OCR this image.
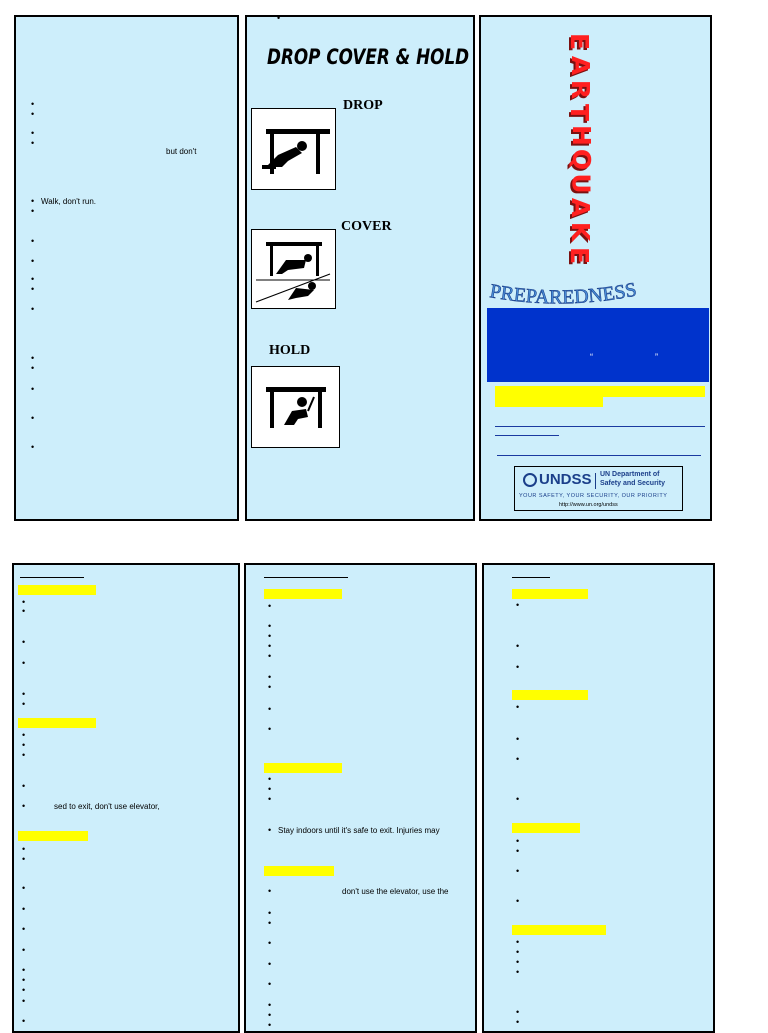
•
•
•
•
but don't
• Walk, don't run.
•
•
•
•
•
•
•
•
•
•
•
•
DROP COVER & HOLD
DROP
COVER
HOLD
E
A
R
T
H
Q
U
A
K
E
PREPAREDNESS
“	”
UNDSS UN Department of
Safety and Security
YOUR SAFETY, YOUR SECURITY, OUR PRIORITY
http://www.un.org/undss
•
•
•
•
•
•
•
•
•
•
•	sed to exit, don't use elevator,
•
•
•
•
•
•
•
•
•
•
•
•
•
•
•
•
•
•
•
•
•
•
•
• Stay indoors until it's safe to exit. Injuries may
•	don't use the elevator, use the
•
•
•
•
•
•
•
•
•
•
•
•
•
•
•
•
•
•
•
•
•
•
•
•
•
